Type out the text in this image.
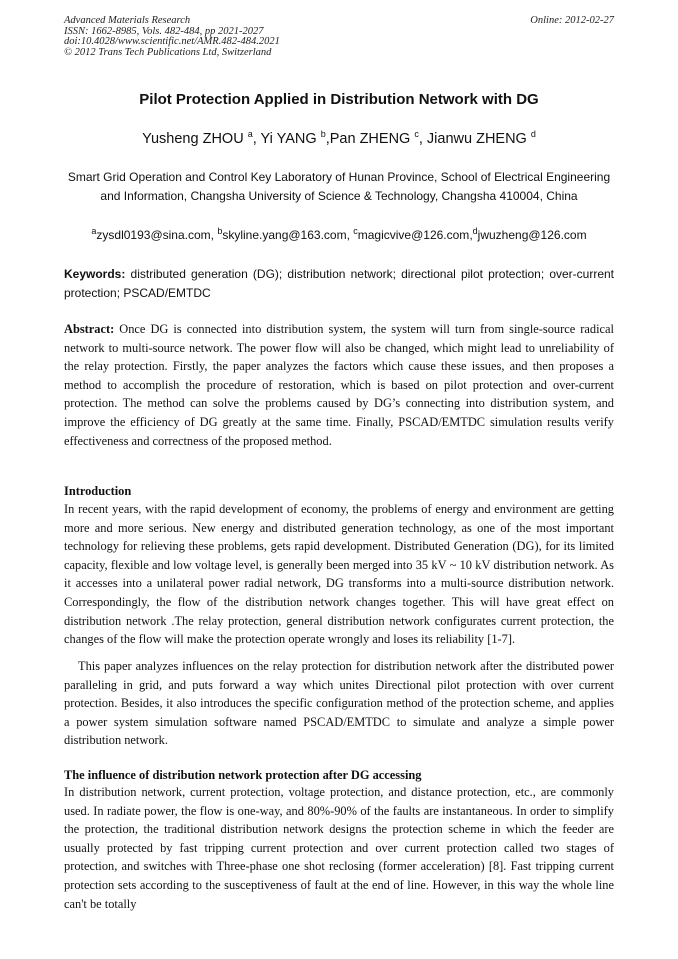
Advanced Materials Research
ISSN: 1662-8985, Vols. 482-484, pp 2021-2027
doi:10.4028/www.scientific.net/AMR.482-484.2021
© 2012 Trans Tech Publications Ltd, Switzerland
Online: 2012-02-27
Pilot Protection Applied in Distribution Network with DG
Yusheng ZHOU $^a$, Yi YANG $^b$,Pan ZHENG $^c$, Jianwu ZHENG $^d$
Smart Grid Operation and Control Key Laboratory of Hunan Province, School of Electrical Engineering and Information, Changsha University of Science & Technology, Changsha 410004, China
$^a$zysdl0193@sina.com, $^b$skyline.yang@163.com, $^c$magicvive@126.com,$^d$jwuzheng@126.com
Keywords: distributed generation (DG); distribution network; directional pilot protection; over-current protection; PSCAD/EMTDC
Abstract: Once DG is connected into distribution system, the system will turn from single-source radical network to multi-source network. The power flow will also be changed, which might lead to unreliability of the relay protection. Firstly, the paper analyzes the factors which cause these issues, and then proposes a method to accomplish the procedure of restoration, which is based on pilot protection and over-current protection. The method can solve the problems caused by DG’s connecting into distribution system, and improve the efficiency of DG greatly at the same time. Finally, PSCAD/EMTDC simulation results verify effectiveness and correctness of the proposed method.
Introduction
In recent years, with the rapid development of economy, the problems of energy and environment are getting more and more serious. New energy and distributed generation technology, as one of the most important technology for relieving these problems, gets rapid development. Distributed Generation (DG), for its limited capacity, flexible and low voltage level, is generally been merged into 35 kV ~ 10 kV distribution network. As it accesses into a unilateral power radial network, DG transforms into a multi-source distribution network. Correspondingly, the flow of the distribution network changes together. This will have great effect on distribution network .The relay protection, general distribution network configurates current protection, the changes of the flow will make the protection operate wrongly and loses its reliability [1-7].
This paper analyzes influences on the relay protection for distribution network after the distributed power paralleling in grid, and puts forward a way which unites Directional pilot protection with over current protection. Besides, it also introduces the specific configuration method of the protection scheme, and applies a power system simulation software named PSCAD/EMTDC to simulate and analyze a simple power distribution network.
The influence of distribution network protection after DG accessing
In distribution network, current protection, voltage protection, and distance protection, etc., are commonly used. In radiate power, the flow is one-way, and 80%-90% of the faults are instantaneous. In order to simplify the protection, the traditional distribution network designs the protection scheme in which the feeder are usually protected by fast tripping current protection and over current protection called two stages of protection, and switches with Three-phase one shot reclosing (former acceleration) [8]. Fast tripping current protection sets according to the susceptiveness of fault at the end of line. However, in this way the whole line can't be totally
